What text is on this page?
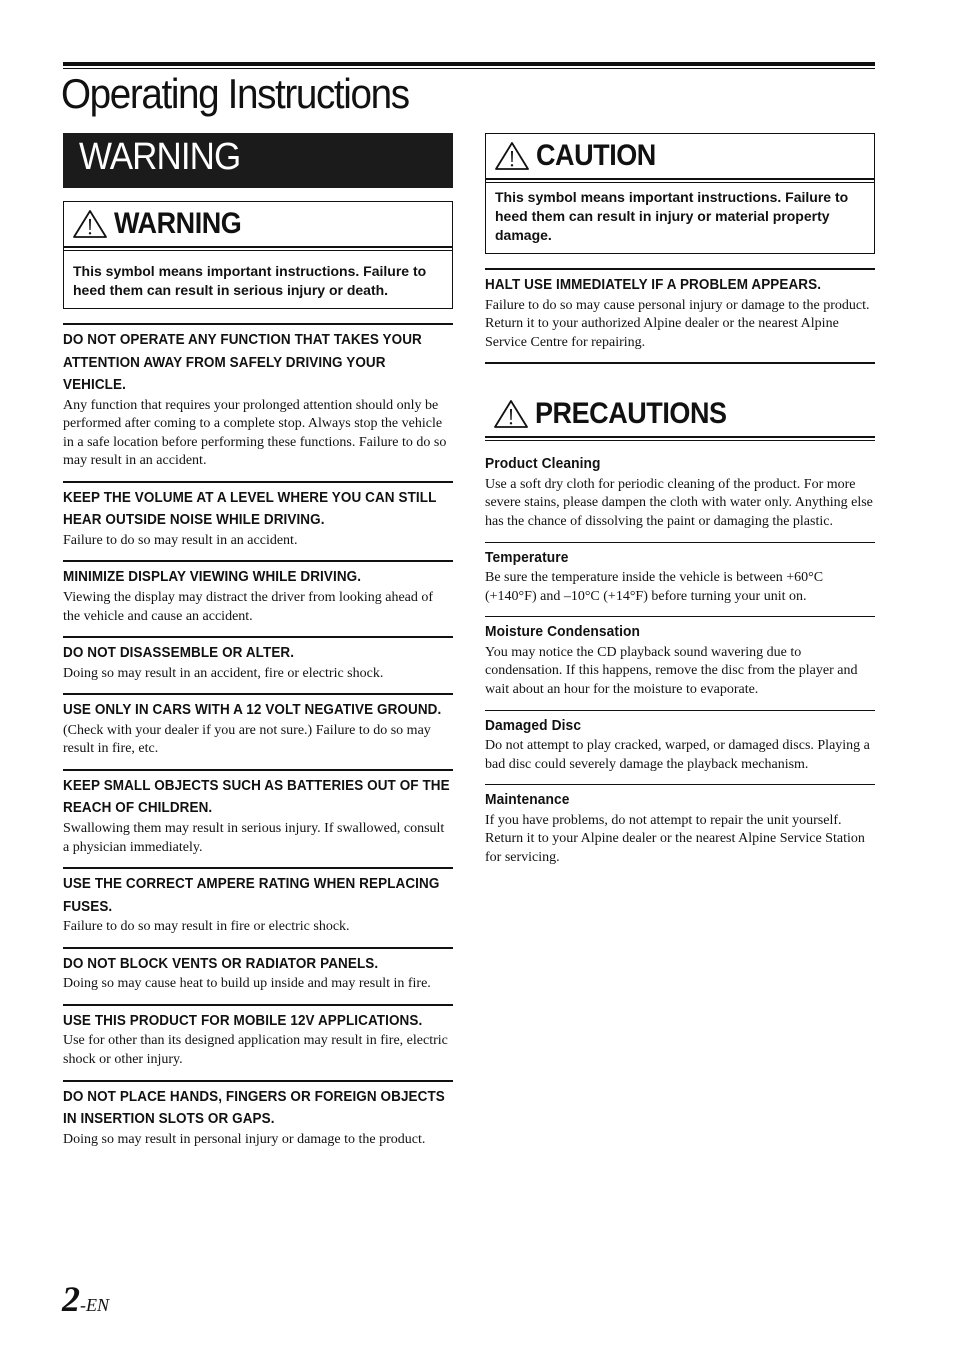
Operating Instructions
WARNING
WARNING
This symbol means important instructions. Failure to heed them can result in serious injury or death.
DO NOT OPERATE ANY FUNCTION THAT TAKES YOUR ATTENTION AWAY FROM SAFELY DRIVING YOUR VEHICLE.

Any function that requires your prolonged attention should only be performed after coming to a complete stop. Always stop the vehicle in a safe location before performing these functions. Failure to do so may result in an accident.

KEEP THE VOLUME AT A LEVEL WHERE YOU CAN STILL HEAR OUTSIDE NOISE WHILE DRIVING.

Failure to do so may result in an accident.

MINIMIZE DISPLAY VIEWING WHILE DRIVING.

Viewing the display may distract the driver from looking ahead of the vehicle and cause an accident.

DO NOT DISASSEMBLE OR ALTER.

Doing so may result in an accident, fire or electric shock.

USE ONLY IN CARS WITH A 12 VOLT NEGATIVE GROUND.

(Check with your dealer if you are not sure.) Failure to do so may result in fire, etc.

KEEP SMALL OBJECTS SUCH AS BATTERIES OUT OF THE REACH OF CHILDREN.

Swallowing them may result in serious injury. If swallowed, consult a physician immediately.

USE THE CORRECT AMPERE RATING WHEN REPLACING FUSES.

Failure to do so may result in fire or electric shock.

DO NOT BLOCK VENTS OR RADIATOR PANELS.

Doing so may cause heat to build up inside and may result in fire.

USE THIS PRODUCT FOR MOBILE 12V APPLICATIONS.

Use for other than its designed application may result in fire, electric shock or other injury.

DO NOT PLACE HANDS, FINGERS OR FOREIGN OBJECTS IN INSERTION SLOTS OR GAPS.

Doing so may result in personal injury or damage to the product.

CAUTION
This symbol means important instructions. Failure to heed them can result in injury or material property damage.
HALT USE IMMEDIATELY IF A PROBLEM APPEARS.

Failure to do so may cause personal injury or damage to the product. Return it to your authorized Alpine dealer or the nearest Alpine Service Centre for repairing.

PRECAUTIONS
Product Cleaning

Use a soft dry cloth for periodic cleaning of the product. For more severe stains, please dampen the cloth with water only. Anything else has the chance of dissolving the paint or damaging the plastic.

Temperature

Be sure the temperature inside the vehicle is between +60°C (+140°F) and –10°C (+14°F) before turning your unit on.

Moisture Condensation

You may notice the CD playback sound wavering due to condensation. If this happens, remove the disc from the player and wait about an hour for the moisture to evaporate.

Damaged Disc

Do not attempt to play cracked, warped, or damaged discs. Playing a bad disc could severely damage the playback mechanism.

Maintenance

If you have problems, do not attempt to repair the unit yourself. Return it to your Alpine dealer or the nearest Alpine Service Station for servicing.

2-EN
